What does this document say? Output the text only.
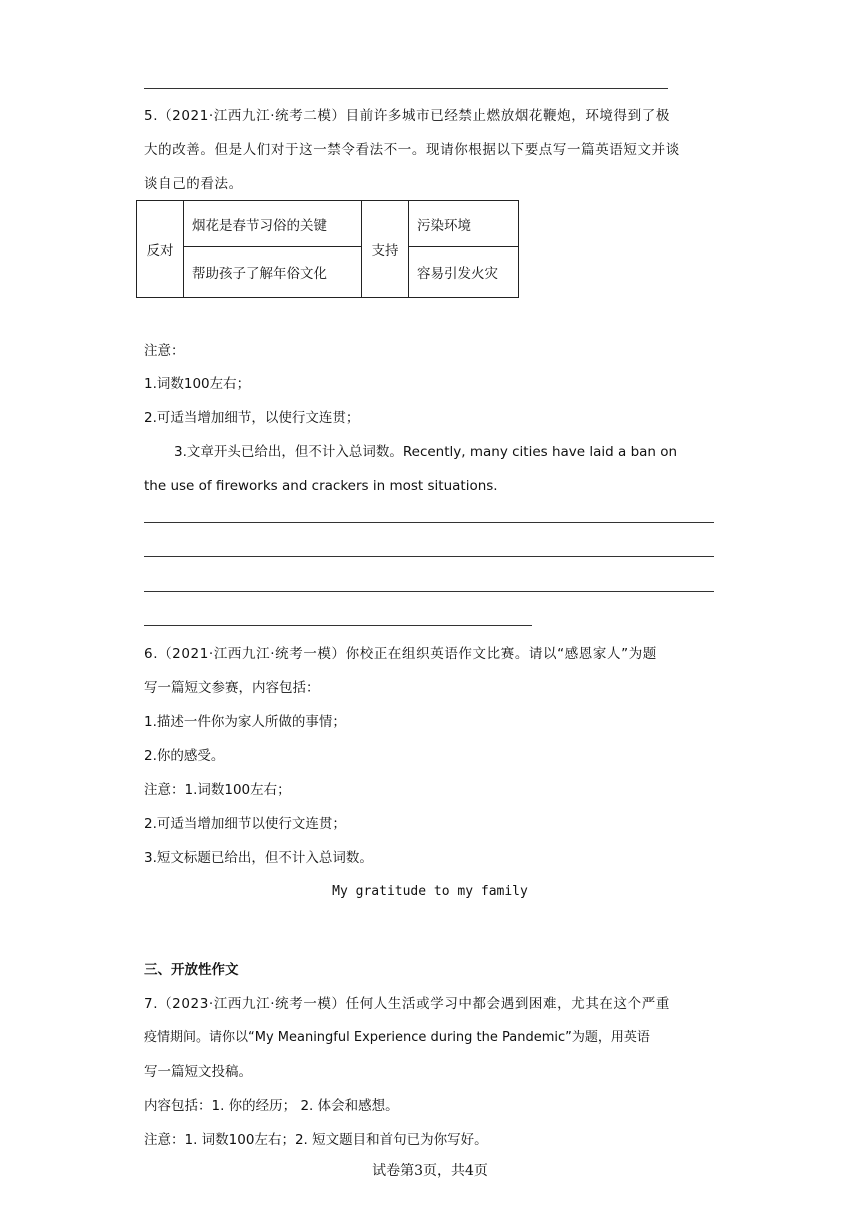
5.（2021·江西九江·统考二模）目前许多城市已经禁止燃放烟花鞭炮，环境得到了极
大的改善。但是人们对于这一禁令看法不一。现请你根据以下要点写一篇英语短文并谈
谈自己的看法。
反对	烟花是春节习俗的关键	支持	污染环境
	帮助孩子了解年俗文化		容易引发火灾
注意：
1.词数100左右；
2.可适当增加细节，以使行文连贯；
3.文章开头已给出，但不计入总词数。Recently, many cities have laid a ban on
the use of fireworks and crackers in most situations.
6.（2021·江西九江·统考一模）你校正在组织英语作文比赛。请以“感恩家人”为题
写一篇短文参赛，内容包括：
1.描述一件你为家人所做的事情；
2.你的感受。
注意：1.词数100左右；
2.可适当增加细节以使行文连贯；
3.短文标题已给出，但不计入总词数。
My gratitude to my family
三、开放性作文
7.（2023·江西九江·统考一模）任何人生活或学习中都会遇到困难，尤其在这个严重
疫情期间。请你以“My Meaningful Experience during the Pandemic”为题，用英语
写一篇短文投稿。
内容包括：1. 你的经历； 2. 体会和感想。
注意：1. 词数100左右；2. 短文题目和首句已为你写好。
试卷第3页，共4页
